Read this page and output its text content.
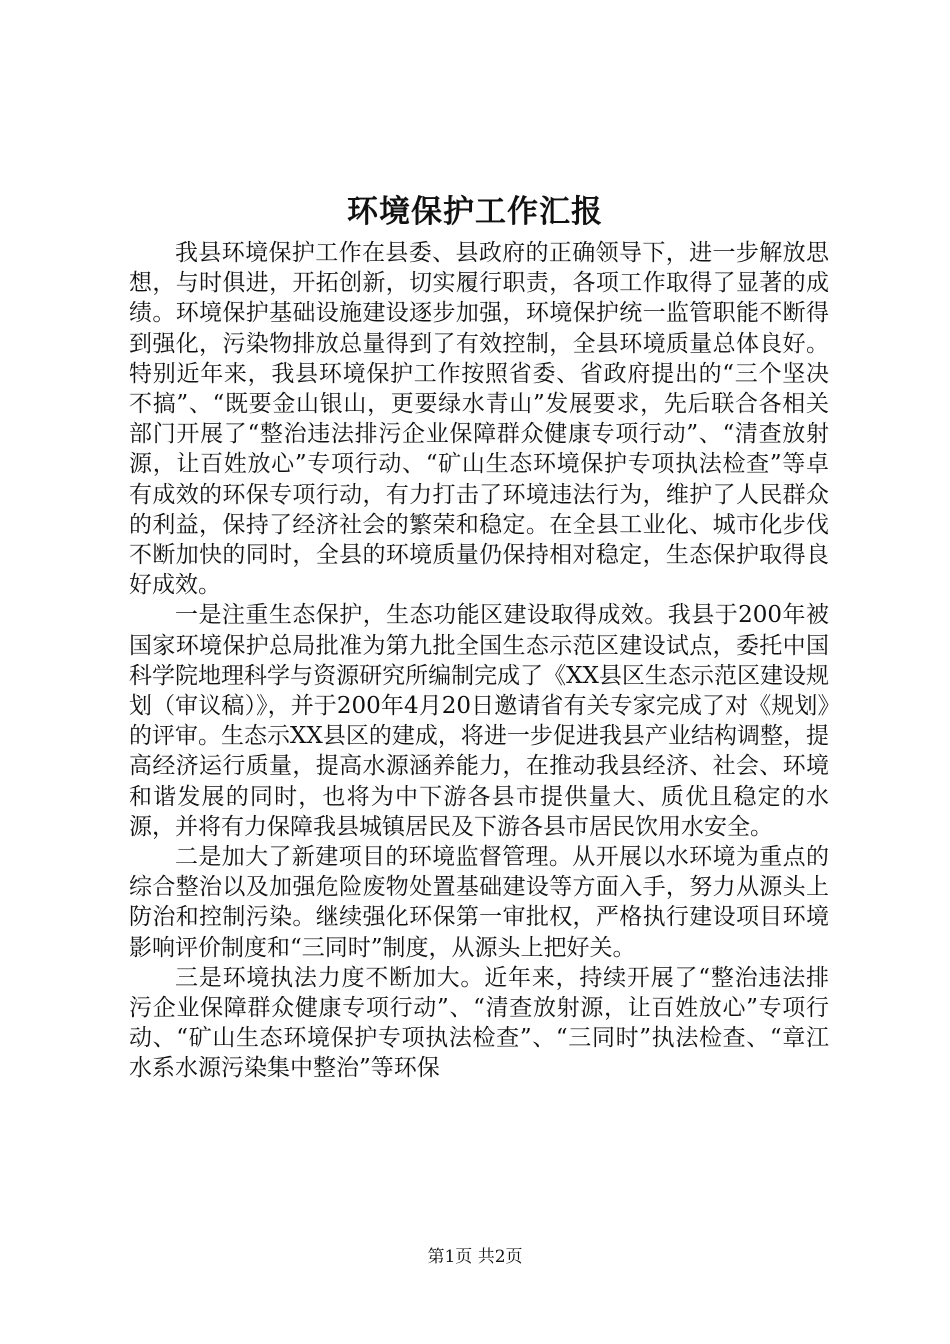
环境保护工作汇报

我县环境保护工作在县委、县政府的正确领导下，进一步解放思想，与时俱进，开拓创新，切实履行职责，各项工作取得了显著的成绩。环境保护基础设施建设逐步加强，环境保护统一监管职能不断得到强化，污染物排放总量得到了有效控制，全县环境质量总体良好。特别近年来，我县环境保护工作按照省委、省政府提出的“三个坚决不搞”、“既要金山银山，更要绿水青山”发展要求，先后联合各相关部门开展了“整治违法排污企业保障群众健康专项行动”、“清查放射源，让百姓放心”专项行动、“矿山生态环境保护专项执法检查”等卓有成效的环保专项行动，有力打击了环境违法行为，维护了人民群众的利益，保持了经济社会的繁荣和稳定。在全县工业化、城市化步伐不断加快的同时，全县的环境质量仍保持相对稳定，生态保护取得良好成效。

一是注重生态保护，生态功能区建设取得成效。我县于200年被国家环境保护总局批准为第九批全国生态示范区建设试点，委托中国科学院地理科学与资源研究所编制完成了《XX县区生态示范区建设规划（审议稿）》，并于200年4月20日邀请省有关专家完成了对《规划》的评审。生态示XX县区的建成，将进一步促进我县产业结构调整，提高经济运行质量，提高水源涵养能力，在推动我县经济、社会、环境和谐发展的同时，也将为中下游各县市提供量大、质优且稳定的水源，并将有力保障我县城镇居民及下游各县市居民饮用水安全。

二是加大了新建项目的环境监督管理。从开展以水环境为重点的综合整治以及加强危险废物处置基础建设等方面入手，努力从源头上防治和控制污染。继续强化环保第一审批权，严格执行建设项目环境影响评价制度和“三同时”制度，从源头上把好关。

三是环境执法力度不断加大。近年来，持续开展了“整治违法排污企业保障群众健康专项行动”、“清查放射源，让百姓放心”专项行动、“矿山生态环境保护专项执法检查”、“三同时”执法检查、“章江水系水源污染集中整治”等环保

第1页 共2页
